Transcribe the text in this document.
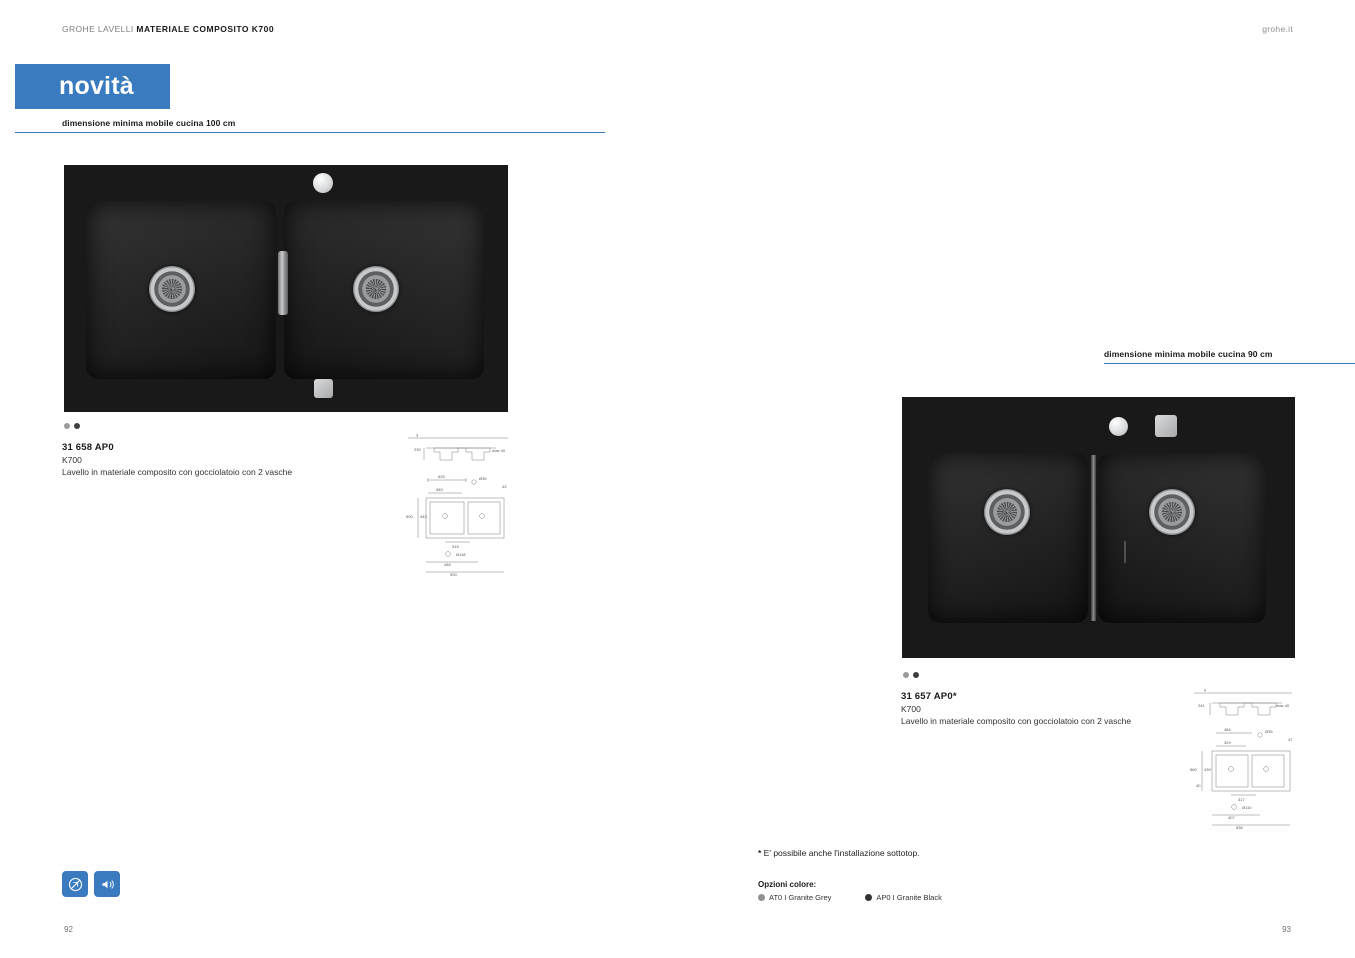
GROHE LAVELLI MATERIALE COMPOSITO K700	grohe.it
novità
dimensione minima mobile cucina 100 cm
dimensione minima mobile cucina 90 cm
31 658 AP0
K700
Lavello in materiale composito con gocciolatoio con 2 vasche
3
230	max 40
625	Ø35
43
383
500 443
315
Ø118
485
900
31 657 AP0*
K700
Lavello in materiale composito con gocciolatoio con 2 vasche
9
241	max 40
484	Ø35
47
329
560 439
40
317
Ø110
407
836
* E' possibile anche l'installazione sottotop.
Opzioni colore:
AT0 I Granite Grey	AP0 I Granite Black
92	93
